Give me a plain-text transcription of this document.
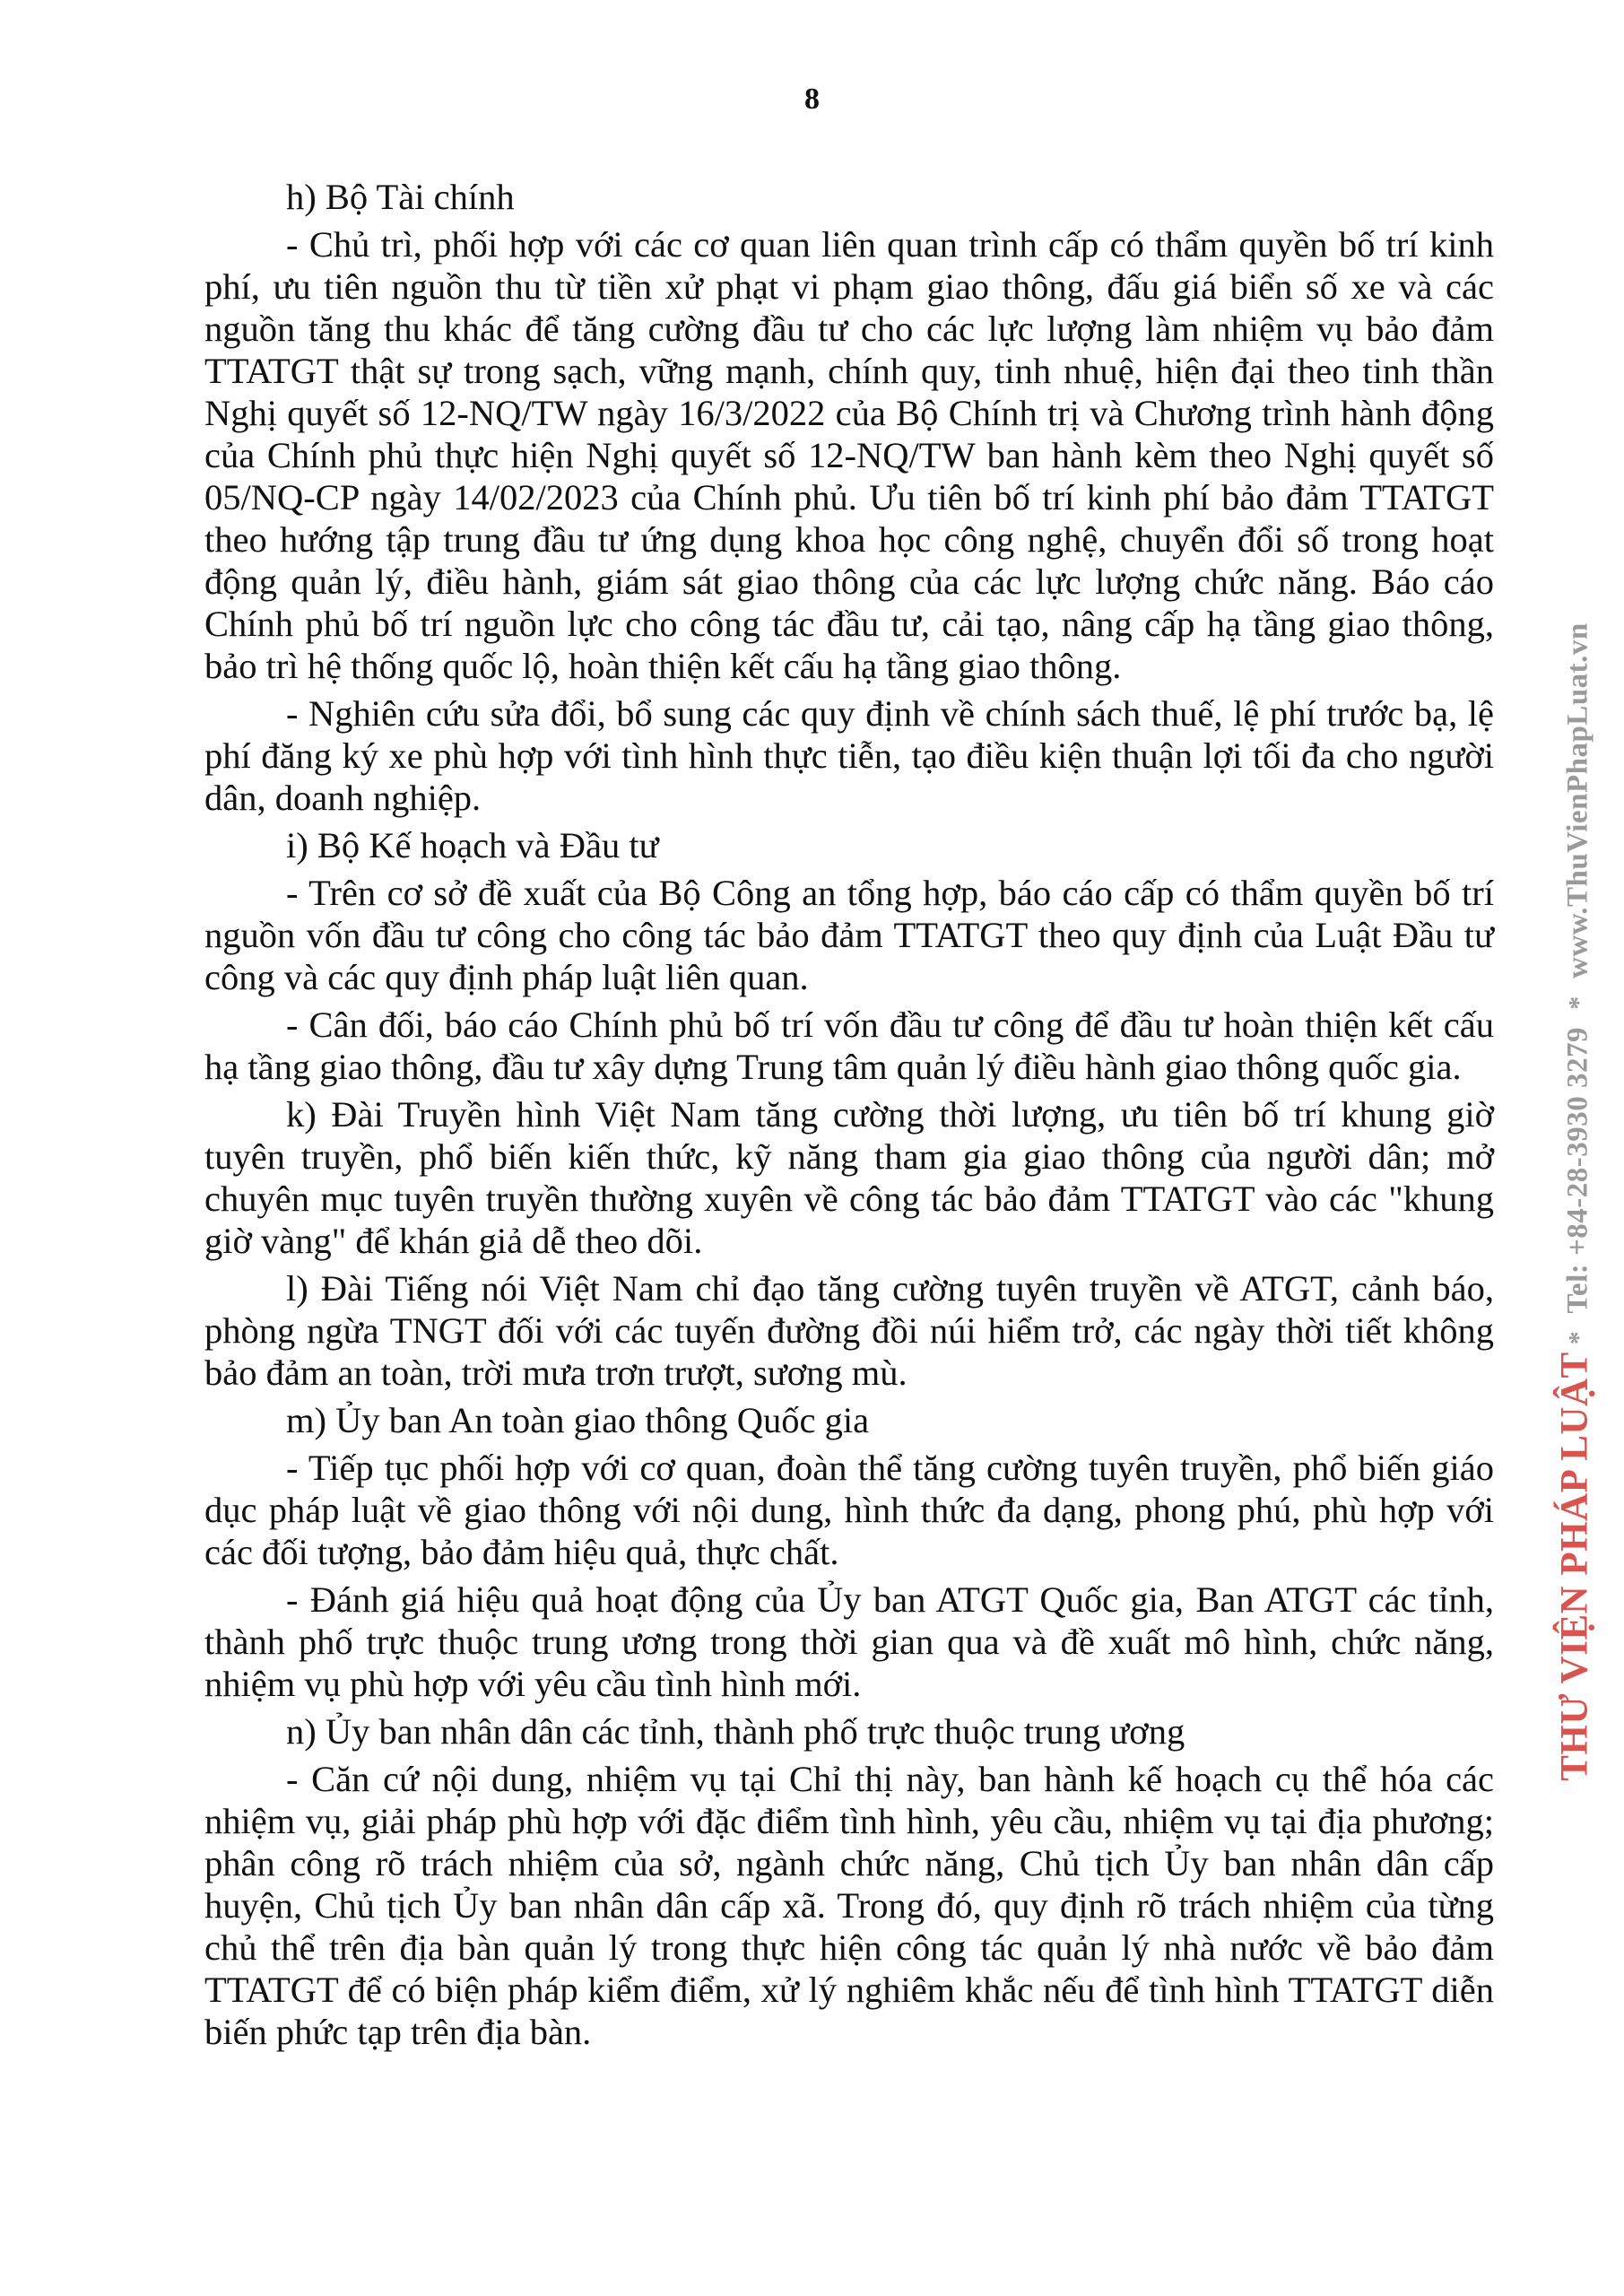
8

h) Bộ Tài chính

- Chủ trì, phối hợp với các cơ quan liên quan trình cấp có thẩm quyền bố trí kinh phí, ưu tiên nguồn thu từ tiền xử phạt vi phạm giao thông, đấu giá biển số xe và các nguồn tăng thu khác để tăng cường đầu tư cho các lực lượng làm nhiệm vụ bảo đảm TTATGT thật sự trong sạch, vững mạnh, chính quy, tinh nhuệ, hiện đại theo tinh thần Nghị quyết số 12-NQ/TW ngày 16/3/2022 của Bộ Chính trị và Chương trình hành động của Chính phủ thực hiện Nghị quyết số 12-NQ/TW ban hành kèm theo Nghị quyết số 05/NQ-CP ngày 14/02/2023 của Chính phủ. Ưu tiên bố trí kinh phí bảo đảm TTATGT theo hướng tập trung đầu tư ứng dụng khoa học công nghệ, chuyển đổi số trong hoạt động quản lý, điều hành, giám sát giao thông của các lực lượng chức năng. Báo cáo Chính phủ bố trí nguồn lực cho công tác đầu tư, cải tạo, nâng cấp hạ tầng giao thông, bảo trì hệ thống quốc lộ, hoàn thiện kết cấu hạ tầng giao thông.

- Nghiên cứu sửa đổi, bổ sung các quy định về chính sách thuế, lệ phí trước bạ, lệ phí đăng ký xe phù hợp với tình hình thực tiễn, tạo điều kiện thuận lợi tối đa cho người dân, doanh nghiệp.

i) Bộ Kế hoạch và Đầu tư

- Trên cơ sở đề xuất của Bộ Công an tổng hợp, báo cáo cấp có thẩm quyền bố trí nguồn vốn đầu tư công cho công tác bảo đảm TTATGT theo quy định của Luật Đầu tư công và các quy định pháp luật liên quan.

- Cân đối, báo cáo Chính phủ bố trí vốn đầu tư công để đầu tư hoàn thiện kết cấu hạ tầng giao thông, đầu tư xây dựng Trung tâm quản lý điều hành giao thông quốc gia.

k) Đài Truyền hình Việt Nam tăng cường thời lượng, ưu tiên bố trí khung giờ tuyên truyền, phổ biến kiến thức, kỹ năng tham gia giao thông của người dân; mở chuyên mục tuyên truyền thường xuyên về công tác bảo đảm TTATGT vào các "khung giờ vàng" để khán giả dễ theo dõi.

l) Đài Tiếng nói Việt Nam chỉ đạo tăng cường tuyên truyền về ATGT, cảnh báo, phòng ngừa TNGT đối với các tuyến đường đồi núi hiểm trở, các ngày thời tiết không bảo đảm an toàn, trời mưa trơn trượt, sương mù.

m) Ủy ban An toàn giao thông Quốc gia

- Tiếp tục phối hợp với cơ quan, đoàn thể tăng cường tuyên truyền, phổ biến giáo dục pháp luật về giao thông với nội dung, hình thức đa dạng, phong phú, phù hợp với các đối tượng, bảo đảm hiệu quả, thực chất.

- Đánh giá hiệu quả hoạt động của Ủy ban ATGT Quốc gia, Ban ATGT các tỉnh, thành phố trực thuộc trung ương trong thời gian qua và đề xuất mô hình, chức năng, nhiệm vụ phù hợp với yêu cầu tình hình mới.

n) Ủy ban nhân dân các tỉnh, thành phố trực thuộc trung ương

- Căn cứ nội dung, nhiệm vụ tại Chỉ thị này, ban hành kế hoạch cụ thể hóa các nhiệm vụ, giải pháp phù hợp với đặc điểm tình hình, yêu cầu, nhiệm vụ tại địa phương; phân công rõ trách nhiệm của sở, ngành chức năng, Chủ tịch Ủy ban nhân dân cấp huyện, Chủ tịch Ủy ban nhân dân cấp xã. Trong đó, quy định rõ trách nhiệm của từng chủ thể trên địa bàn quản lý trong thực hiện công tác quản lý nhà nước về bảo đảm TTATGT để có biện pháp kiểm điểm, xử lý nghiêm khắc nếu để tình hình TTATGT diễn biến phức tạp trên địa bàn.

THƯ VIỆN PHÁP LUẬT* Tel: +84-28-3930 3279 * www.ThuVienPhapLuat.vn
